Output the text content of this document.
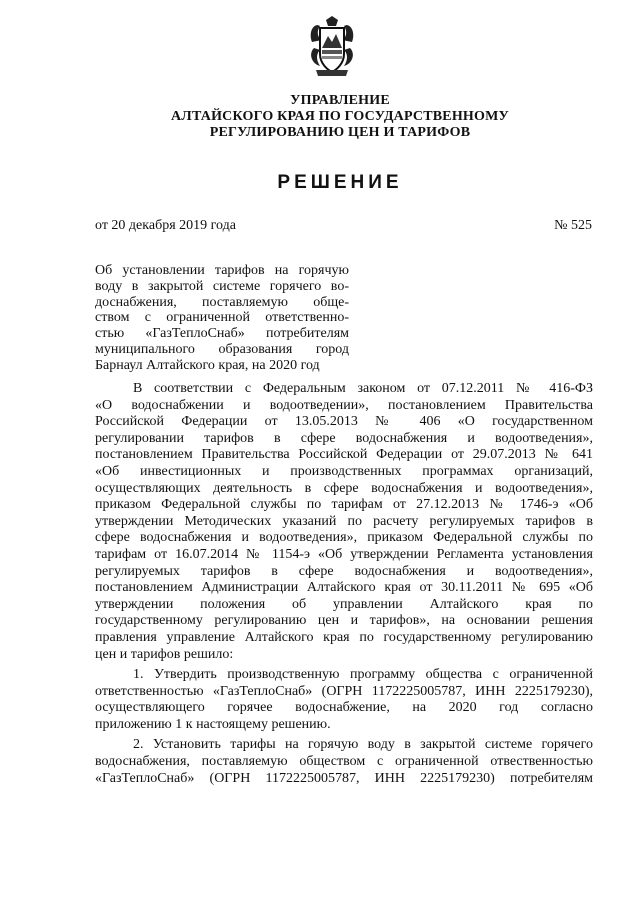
УПРАВЛЕНИЕ
АЛТАЙСКОГО КРАЯ ПО ГОСУДАРСТВЕННОМУ
РЕГУЛИРОВАНИЮ ЦЕН И ТАРИФОВ
РЕШЕНИЕ
от 20 декабря 2019 года	№ 525
Об установлении тарифов на горячую
воду в закрытой системе горячего во-
доснабжения, поставляемую обще-
ством с ограниченной ответственно-
стью «ГазТеплоСнаб» потребителям
муниципального образования город
Барнаул Алтайского края, на 2020 год
В соответствии с Федеральным законом от 07.12.2011 № 416-ФЗ
«О водоснабжении и водоотведении», постановлением Правительства
Российской Федерации от 13.05.2013 № 406 «О государственном
регулировании тарифов в сфере водоснабжения и водоотведения»,
постановлением Правительства Российской Федерации от 29.07.2013 № 641
«Об инвестиционных и производственных программах организаций,
осуществляющих деятельность в сфере водоснабжения и водоотведения»,
приказом Федеральной службы по тарифам от 27.12.2013 № 1746-э «Об
утверждении Методических указаний по расчету регулируемых тарифов в
сфере водоснабжения и водоотведения», приказом Федеральной службы по
тарифам от 16.07.2014 № 1154-э «Об утверждении Регламента установления
регулируемых тарифов в сфере водоснабжения и водоотведения»,
постановлением Администрации Алтайского края от 30.11.2011 № 695 «Об
утверждении положения об управлении Алтайского края по
государственному регулированию цен и тарифов», на основании решения
правления управление Алтайского края по государственному регулированию
цен и тарифов решило:
1. Утвердить производственную программу общества с ограниченной
ответственностью «ГазТеплоСнаб» (ОГРН 1172225005787, ИНН 2225179230),
осуществляющего горячее водоснабжение, на 2020 год согласно
приложению 1 к настоящему решению.
2. Установить тарифы на горячую воду в закрытой системе горячего
водоснабжения, поставляемую обществом с ограниченной отвественностью
«ГазТеплоСнаб» (ОГРН 1172225005787, ИНН 2225179230) потребителям
